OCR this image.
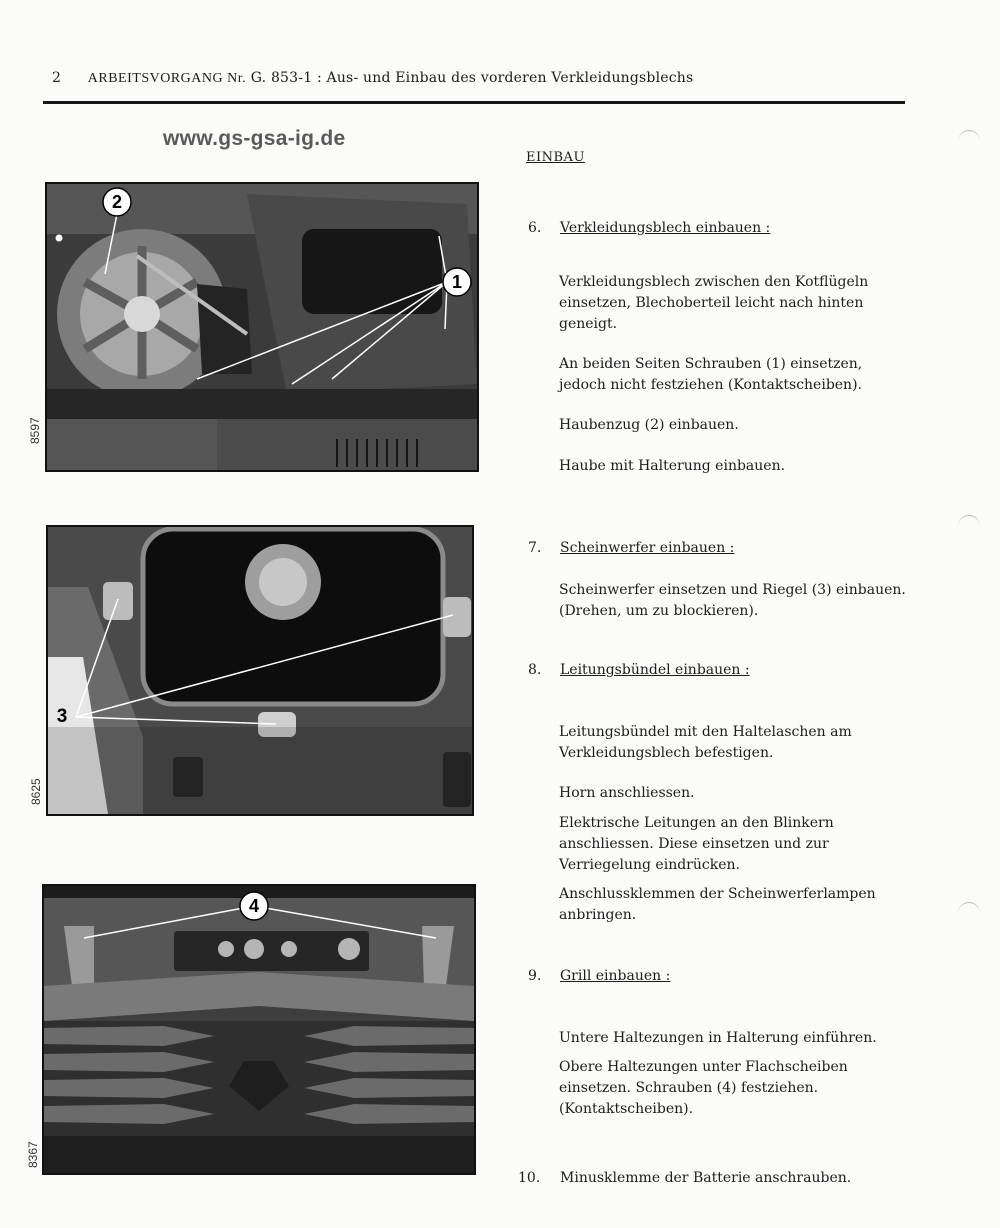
2 ARBEITSVORGANG Nr. G. 853-1 : Aus- und Einbau des vorderen Verkleidungsblechs
www.gs-gsa-ig.de
EINBAU
2
1
8597
3
8625
4
8367
6. Verkleidungsblech einbauen :
Verkleidungsblech zwischen den Kotflügeln einsetzen, Blechoberteil leicht nach hinten geneigt.
An beiden Seiten Schrauben (1) einsetzen, jedoch nicht festziehen (Kontaktscheiben).
Haubenzug (2) einbauen.
Haube mit Halterung einbauen.
7. Scheinwerfer einbauen :
Scheinwerfer einsetzen und Riegel (3) einbauen. (Drehen, um zu blockieren).
8. Leitungsbündel einbauen :
Leitungsbündel mit den Haltelaschen am Verkleidungsblech befestigen.
Horn anschliessen.
Elektrische Leitungen an den Blinkern anschliessen. Diese einsetzen und zur Verriegelung eindrücken.
Anschlussklemmen der Scheinwerferlampen anbringen.
9. Grill einbauen :
Untere Haltezungen in Halterung einführen.
Obere Haltezungen unter Flachscheiben einsetzen. Schrauben (4) festziehen. (Kontaktscheiben).
10. Minusklemme der Batterie anschrauben.
